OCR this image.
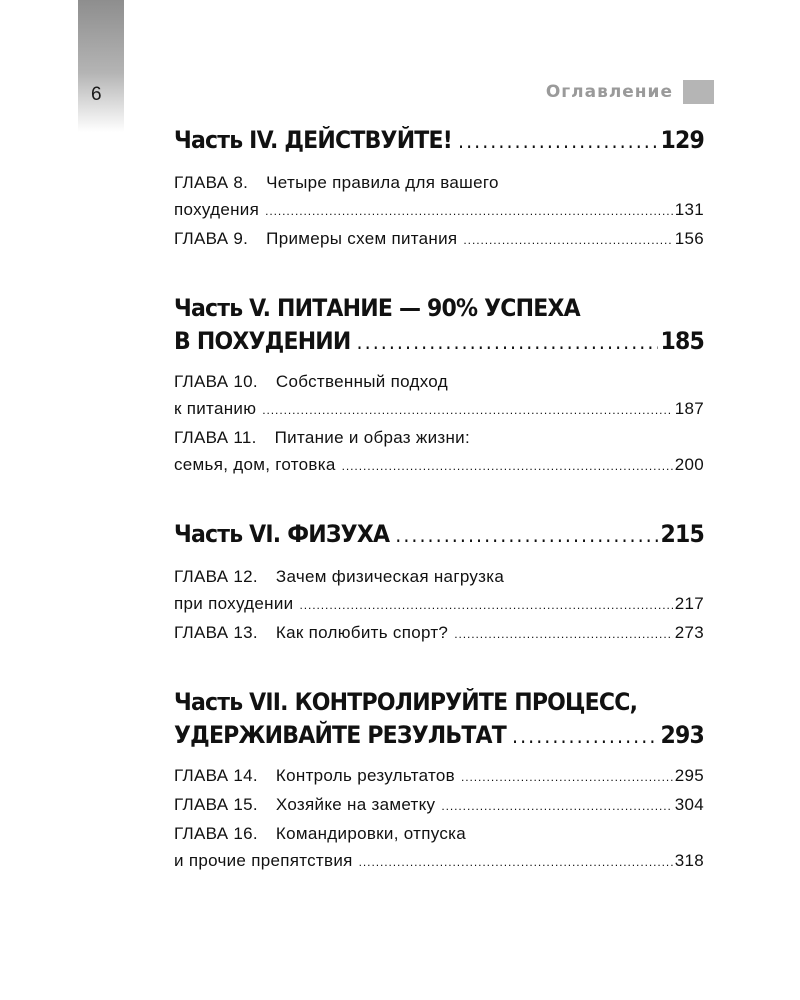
6	Оглавление
Часть IV. ДЕЙСТВУЙТЕ! . . .	129
ГЛАВА 8. Четыре правила для вашего
похудения . . .	131
ГЛАВА 9. Примеры схем питания . . .	156
Часть V. ПИТАНИЕ — 90% УСПЕХА
В ПОХУДЕНИИ . . .	185
ГЛАВА 10. Собственный подход
к питанию . . .	187
ГЛАВА 11. Питание и образ жизни:
семья, дом, готовка . . .	200
Часть VI. ФИЗУХА . . .	215
ГЛАВА 12. Зачем физическая нагрузка
при похудении . . .	217
ГЛАВА 13. Как полюбить спорт? . . .	273
Часть VII. КОНТРОЛИРУЙТЕ ПРОЦЕСС,
УДЕРЖИВАЙТЕ РЕЗУЛЬТАТ . . .	293
ГЛАВА 14. Контроль результатов . . .	295
ГЛАВА 15. Хозяйке на заметку . . .	304
ГЛАВА 16. Командировки, отпуска
и прочие препятствия . . .	318
